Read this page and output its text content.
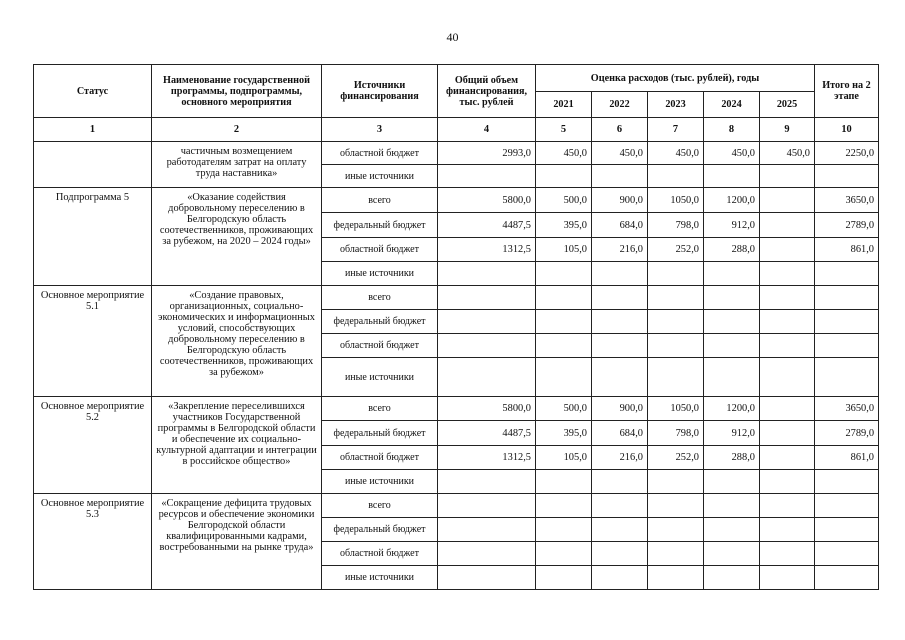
40
Статус	Наименование государственной программы, подпрограммы, основного мероприятия	Источники финансирования	Общий объем финансирования, тыс. рублей	Оценка расходов (тыс. рублей), годы					Итого на 2 этапе
				2021	2022	2023	2024	2025	
1	2	3	4	5	6	7	8	9	10
	частичным возмещением работодателям затрат на оплату труда наставника»	областной бюджет	2993,0	450,0	450,0	450,0	450,0	450,0	2250,0
		иные источники							
Подпрограмма 5	«Оказание содействия добровольному переселению в Белгородскую область соотечественников, проживающих за рубежом, на 2020 – 2024 годы»	всего	5800,0	500,0	900,0	1050,0	1200,0		3650,0
		федеральный бюджет	4487,5	395,0	684,0	798,0	912,0		2789,0
		областной бюджет	1312,5	105,0	216,0	252,0	288,0		861,0
		иные источники							
Основное мероприятие 5.1	«Создание правовых, организационных, социально-экономических и информационных условий, способствующих добровольному переселению в Белгородскую область соотечественников, проживающих за рубежом»	всего							
		федеральный бюджет							
		областной бюджет							
		иные источники							
Основное мероприятие 5.2	«Закрепление переселившихся участников Государственной программы в Белгородской области и обеспечение их социально-культурной адаптации и интеграции в российское общество»	всего	5800,0	500,0	900,0	1050,0	1200,0		3650,0
		федеральный бюджет	4487,5	395,0	684,0	798,0	912,0		2789,0
		областной бюджет	1312,5	105,0	216,0	252,0	288,0		861,0
		иные источники							
Основное мероприятие 5.3	«Сокращение дефицита трудовых ресурсов и обеспечение экономики Белгородской области квалифицированными кадрами, востребованными на рынке труда»	всего							
		федеральный бюджет							
		областной бюджет							
		иные источники							
